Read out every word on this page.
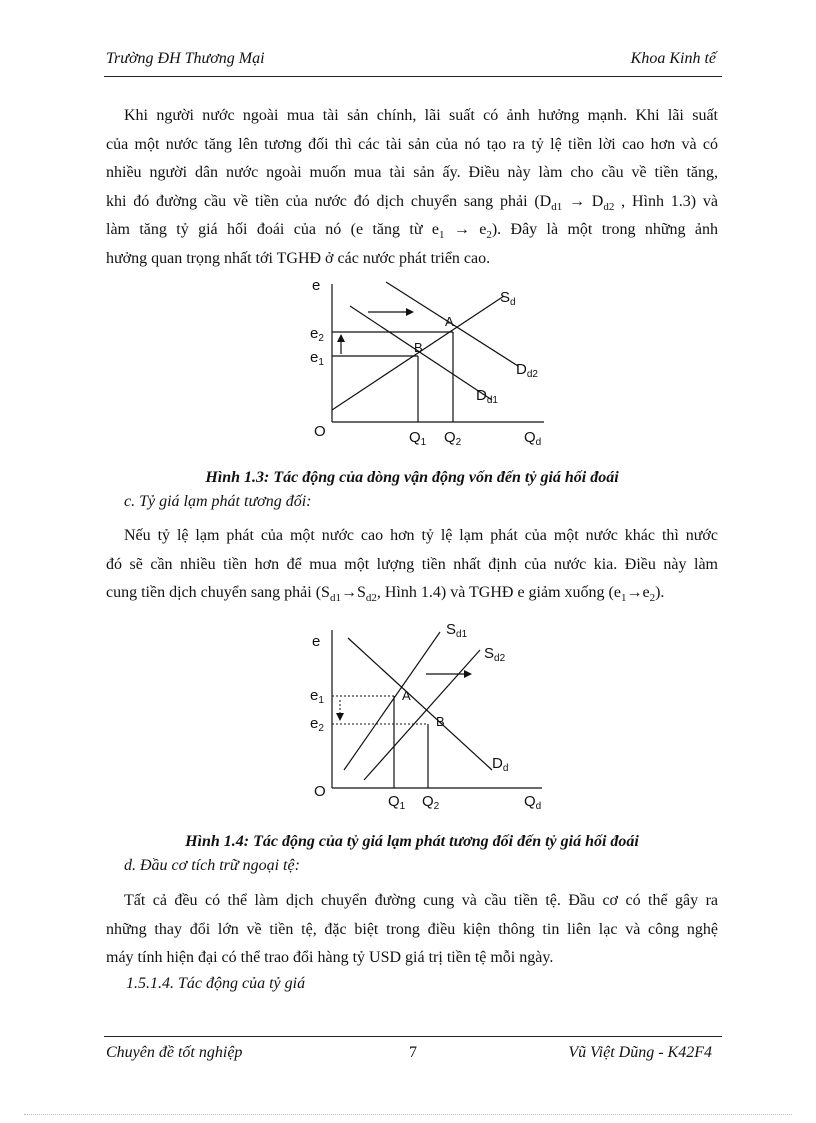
Trường ĐH Thương Mại	Khoa Kinh tế
Khi người nước ngoài mua tài sản chính, lãi suất có ảnh hưởng mạnh. Khi lãi suất
của một nước tăng lên tương đối thì các tài sản của nó tạo ra tỷ lệ tiền lời cao hơn và có
nhiều người dân nước ngoài muốn mua tài sản ấy. Điều này làm cho cầu về tiền tăng,
khi đó đường cầu về tiền của nước đó dịch chuyển sang phải ($D_{d1} \to D_{d2}$ , Hình 1.3) và
làm tăng tỷ giá hối đoái của nó (e tăng từ $e_1 \to e_2$). Đây là một trong những ảnh
hưởng quan trọng nhất tới TGHĐ ở các nước phát triển cao.
e
$e_2$
$e_1$
O	$Q_1$ $Q_2$	$Q_d$
$S_d$
$D_{d2}$
$D_{d1}$
A
B
Hình 1.3: Tác động của dòng vận động vốn đến tỷ giá hối đoái
c. Tỷ giá lạm phát tương đối:
Nếu tỷ lệ lạm phát của một nước cao hơn tỷ lệ lạm phát của một nước khác thì nước
đó sẽ cần nhiều tiền hơn để mua một lượng tiền nhất định của nước kia. Điều này làm
cung tiền dịch chuyển sang phải ($S_{d1}\to S_{d2}$, Hình 1.4) và TGHĐ e giảm xuống $(e_1\to e_2)$.
e
$e_1$
$e_2$
O
$Q_1$ $Q_2$	$Q_d$
$S_{d1}$
$S_{d2}$
$D_d$
A
B
Hình 1.4: Tác động của tỷ giá lạm phát tương đối đến tỷ giá hối đoái
d. Đầu cơ tích trữ ngoại tệ:
Tất cả đều có thể làm dịch chuyển đường cung và cầu tiền tệ. Đầu cơ có thể gây ra
những thay đổi lớn về tiền tệ, đặc biệt trong điều kiện thông tin liên lạc và công nghệ
máy tính hiện đại có thể trao đổi hàng tỷ USD giá trị tiền tệ mỗi ngày.
1.5.1.4. Tác động của tỷ giá
Chuyên đề tốt nghiệp	7	Vũ Việt Dũng - K42F4
